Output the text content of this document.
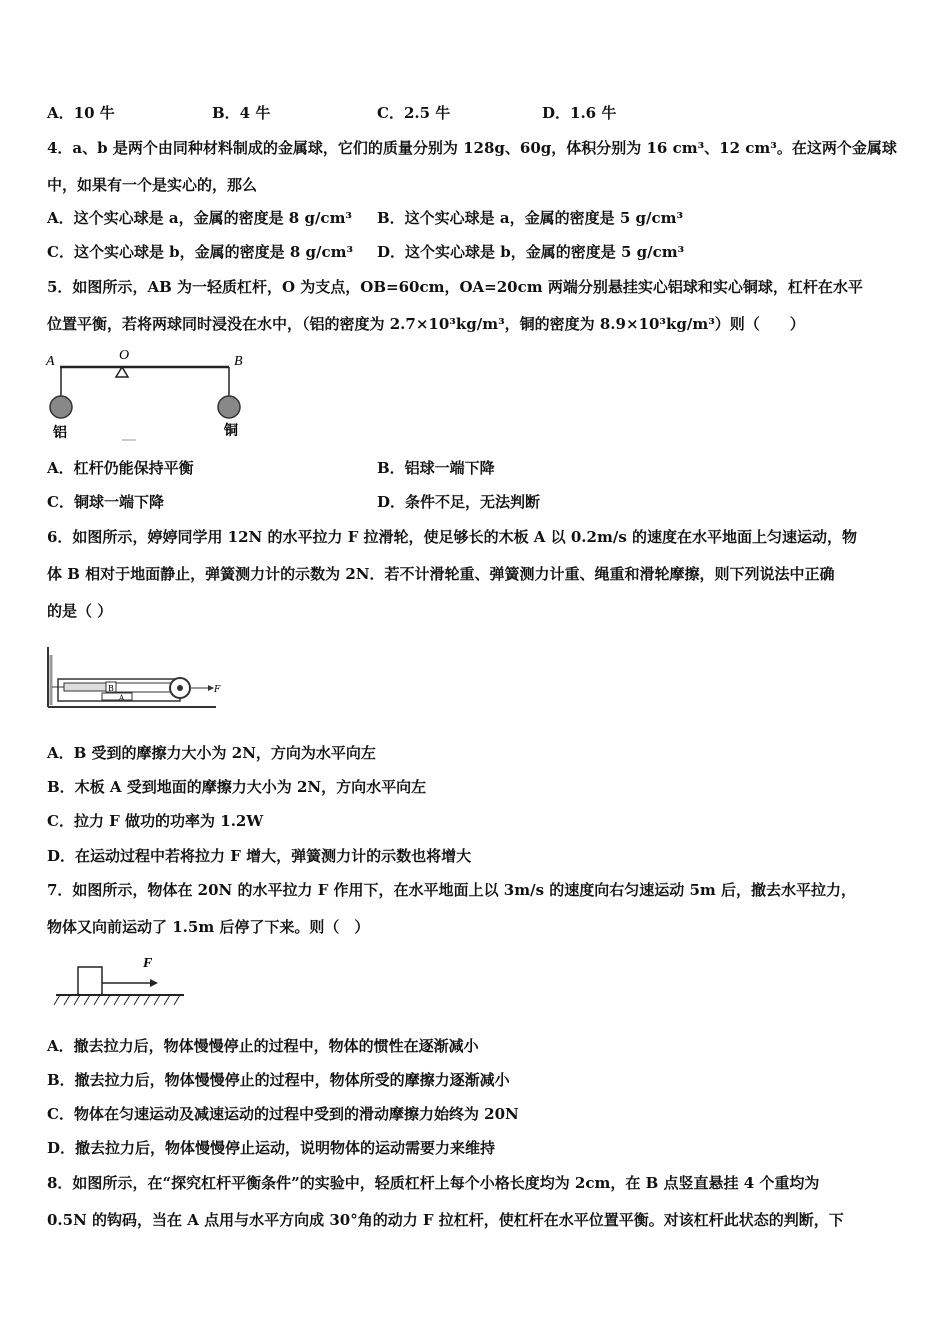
A．10 牛	B．4 牛	C．2.5 牛	D．1.6 牛
4．a、b 是两个由同种材料制成的金属球，它们的质量分别为 128g、60g，体积分别为 16 cm³、12 cm³。在这两个金属球
中，如果有一个是实心的，那么
A．这个实心球是 a，金属的密度是 8 g/cm³ B．这个实心球是 a，金属的密度是 5 g/cm³
C．这个实心球是 b，金属的密度是 8 g/cm³ D．这个实心球是 b，金属的密度是 5 g/cm³
5．如图所示，AB 为一轻质杠杆，O 为支点，OB=60cm，OA=20cm 两端分别悬挂实心铝球和实心铜球，杠杆在水平
位置平衡，若将两球同时浸没在水中，（铝的密度为 2.7×10³kg/m³，铜的密度为 8.9×10³kg/m³）则（　　）
A	O	B
铝	铜
A．杠杆仍能保持平衡	B．铝球一端下降
C．铜球一端下降	D．条件不足，无法判断
6．如图所示，婷婷同学用 12N 的水平拉力 F 拉滑轮，使足够长的木板 A 以 0.2m/s 的速度在水平地面上匀速运动，物
体 B 相对于地面静止，弹簧测力计的示数为 2N．若不计滑轮重、弹簧测力计重、绳重和滑轮摩擦，则下列说法中正确
的是（ ）
B
A
F
A．B 受到的摩擦力大小为 2N，方向为水平向左
B．木板 A 受到地面的摩擦力大小为 2N，方向水平向左
C．拉力 F 做功的功率为 1.2W
D．在运动过程中若将拉力 F 增大，弹簧测力计的示数也将增大
7．如图所示，物体在 20N 的水平拉力 F 作用下，在水平地面上以 3m/s 的速度向右匀速运动 5m 后，撤去水平拉力，
物体又向前运动了 1.5m 后停了下来。则（　）
F
A．撤去拉力后，物体慢慢停止的过程中，物体的惯性在逐渐减小
B．撤去拉力后，物体慢慢停止的过程中，物体所受的摩擦力逐渐减小
C．物体在匀速运动及减速运动的过程中受到的滑动摩擦力始终为 20N
D．撤去拉力后，物体慢慢停止运动，说明物体的运动需要力来维持
8．如图所示，在“探究杠杆平衡条件”的实验中，轻质杠杆上每个小格长度均为 2cm，在 B 点竖直悬挂 4 个重均为
0.5N 的钩码，当在 A 点用与水平方向成 30°角的动力 F 拉杠杆，使杠杆在水平位置平衡。对该杠杆此状态的判断，下
